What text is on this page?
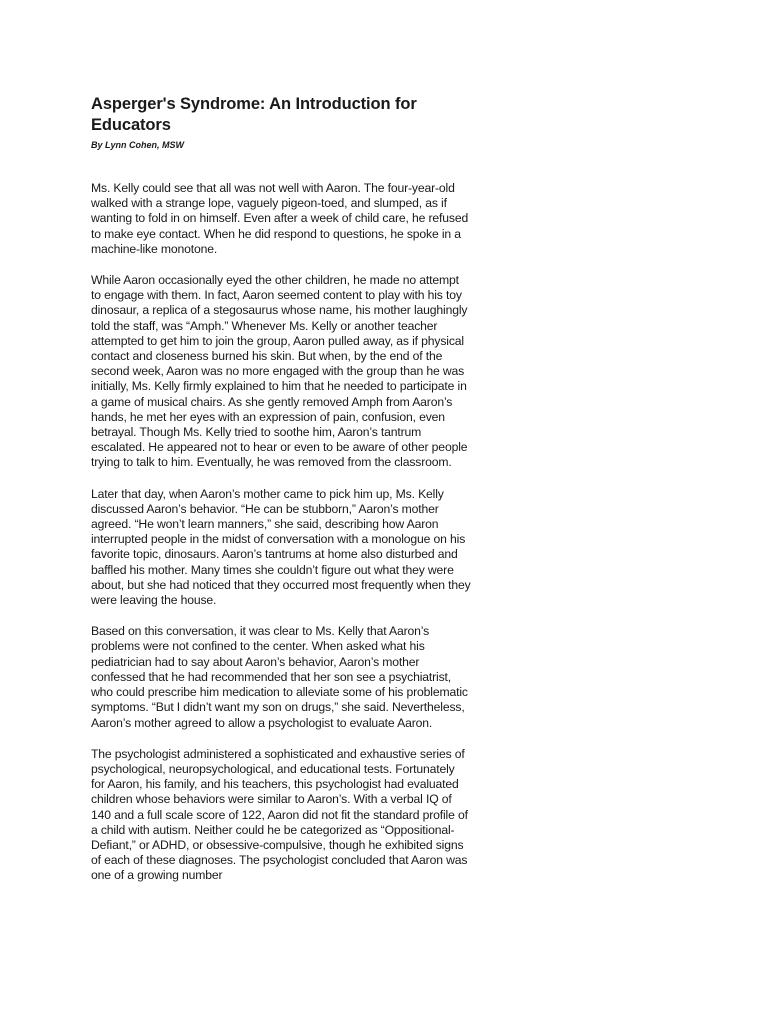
Asperger's Syndrome: An Introduction for Educators

By Lynn Cohen, MSW

Ms. Kelly could see that all was not well with Aaron. The four-year-old walked with a strange lope, vaguely pigeon-toed, and slumped, as if wanting to fold in on himself. Even after a week of child care, he refused to make eye contact. When he did respond to questions, he spoke in a machine-like monotone.

While Aaron occasionally eyed the other children, he made no attempt to engage with them. In fact, Aaron seemed content to play with his toy dinosaur, a replica of a stegosaurus whose name, his mother laughingly told the staff, was “Amph.” Whenever Ms. Kelly or another teacher attempted to get him to join the group, Aaron pulled away, as if physical contact and closeness burned his skin. But when, by the end of the second week, Aaron was no more engaged with the group than he was initially, Ms. Kelly firmly explained to him that he needed to participate in a game of musical chairs. As she gently removed Amph from Aaron’s hands, he met her eyes with an expression of pain, confusion, even betrayal. Though Ms. Kelly tried to soothe him, Aaron’s tantrum escalated. He appeared not to hear or even to be aware of other people trying to talk to him. Eventually, he was removed from the classroom.

Later that day, when Aaron’s mother came to pick him up, Ms. Kelly discussed Aaron’s behavior. “He can be stubborn,” Aaron’s mother agreed. “He won’t learn manners,” she said, describing how Aaron interrupted people in the midst of conversation with a monologue on his favorite topic, dinosaurs. Aaron’s tantrums at home also disturbed and baffled his mother. Many times she couldn’t figure out what they were about, but she had noticed that they occurred most frequently when they were leaving the house.

Based on this conversation, it was clear to Ms. Kelly that Aaron’s problems were not confined to the center. When asked what his pediatrician had to say about Aaron’s behavior, Aaron’s mother confessed that he had recommended that her son see a psychiatrist, who could prescribe him medication to alleviate some of his problematic symptoms. “But I didn’t want my son on drugs,” she said. Nevertheless, Aaron’s mother agreed to allow a psychologist to evaluate Aaron.

The psychologist administered a sophisticated and exhaustive series of psychological, neuropsychological, and educational tests. Fortunately for Aaron, his family, and his teachers, this psychologist had evaluated children whose behaviors were similar to Aaron’s. With a verbal IQ of 140 and a full scale score of 122, Aaron did not fit the standard profile of a child with autism. Neither could he be categorized as “Oppositional-Defiant,” or ADHD, or obsessive-compulsive, though he exhibited signs of each of these diagnoses. The psychologist concluded that Aaron was one of a growing number
